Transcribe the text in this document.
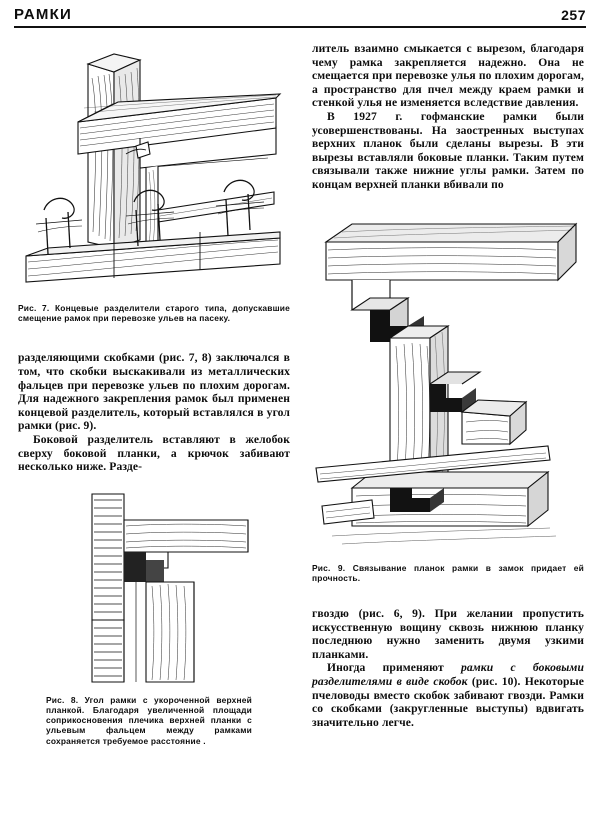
РАМКИ	257
Рис. 7. Концевые разделители старого типа, допускавшие смещение рамок при перевозке ульев на пасеку.

разделяющими скобками (рис. 7, 8) заключался в том, что скобки выскакивали из металлических фальцев при перевозке ульев по плохим дорогам. Для надежного закрепления рамок был применен концевой разделитель, который вставлялся в угол рамки (рис. 9).

Боковой разделитель вставляют в желобок сверху боковой планки, а крючок забивают несколько ниже. Разде-

Рис. 8. Угол рамки с укороченной верхней планкой. Благодаря увеличенной площади соприкосновения плечика верхней планки с ульевым фальцем между рамками сохраняется требуемое расстояние .

литель взаимно смыкается с вырезом, благодаря чему рамка закрепляется надежно. Она не смещается при перевозке улья по плохим дорогам, а пространство для пчел между краем рамки и стенкой улья не изменяется вследствие давления.

В 1927 г. гофманские рамки были усовершенствованы. На заостренных выступах верхних планок были сделаны вырезы. В эти вырезы вставляли боковые планки. Таким путем связывали также нижние углы рамки. Затем по концам верхней планки вбивали по

Рис. 9. Связывание планок рамки в замок придает ей прочность.

гвоздю (рис. 6, 9). При желании пропустить искусственную вощину сквозь нижнюю планку последнюю нужно заменить двумя узкими планками.

Иногда применяют рамки с боковыми разделителями в виде скобок (рис. 10). Некоторые пчеловоды вместо скобок забивают гвозди. Рамки со скобками (закругленные выступы) вдвигать значительно легче.
